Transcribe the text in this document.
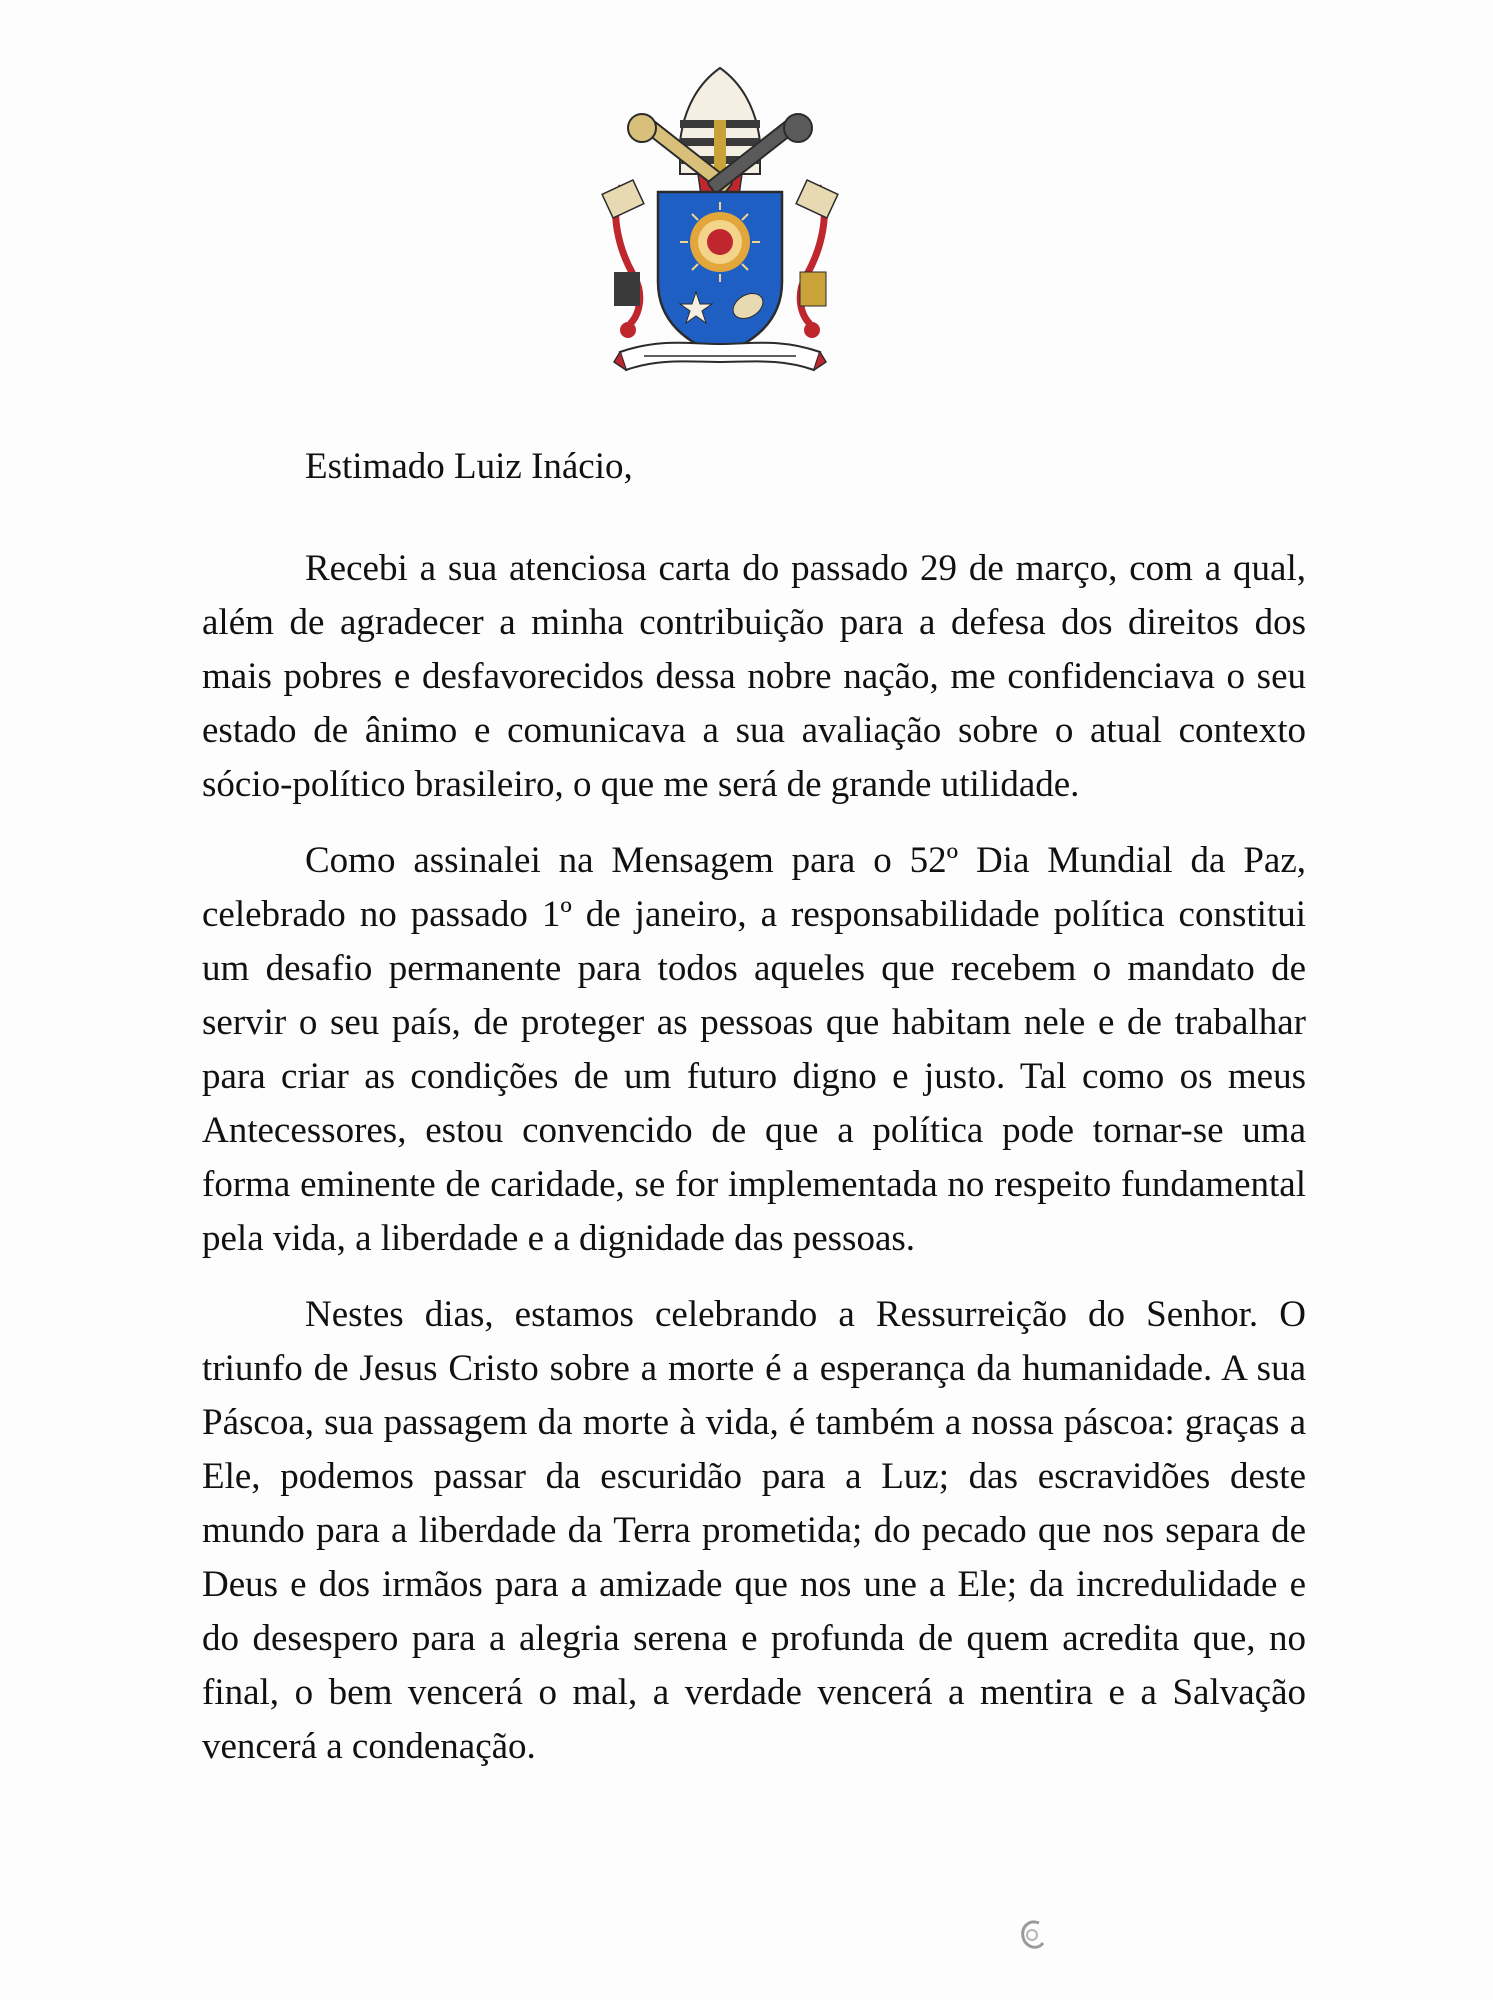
Estimado Luiz Inácio,

Recebi a sua atenciosa carta do passado 29 de março, com a qual, além de agradecer a minha contribuição para a defesa dos direitos dos mais pobres e desfavorecidos dessa nobre nação, me confidenciava o seu estado de ânimo e comunicava a sua avaliação sobre o atual contexto sócio-político brasileiro, o que me será de grande utilidade.

Como assinalei na Mensagem para o 52º Dia Mundial da Paz, celebrado no passado 1º de janeiro, a responsabilidade política constitui um desafio permanente para todos aqueles que recebem o mandato de servir o seu país, de proteger as pessoas que habitam nele e de trabalhar para criar as condições de um futuro digno e justo. Tal como os meus Antecessores, estou convencido de que a política pode tornar-se uma forma eminente de caridade, se for implementada no respeito fundamental pela vida, a liberdade e a dignidade das pessoas.

Nestes dias, estamos celebrando a Ressurreição do Senhor. O triunfo de Jesus Cristo sobre a morte é a esperança da humanidade. A sua Páscoa, sua passagem da morte à vida, é também a nossa páscoa: graças a Ele, podemos passar da escuridão para a Luz; das escravidões deste mundo para a liberdade da Terra prometida; do pecado que nos separa de Deus e dos irmãos para a amizade que nos une a Ele; da incredulidade e do desespero para a alegria serena e profunda de quem acredita que, no final, o bem vencerá o mal, a verdade vencerá a mentira e a Salvação vencerá a condenação.
